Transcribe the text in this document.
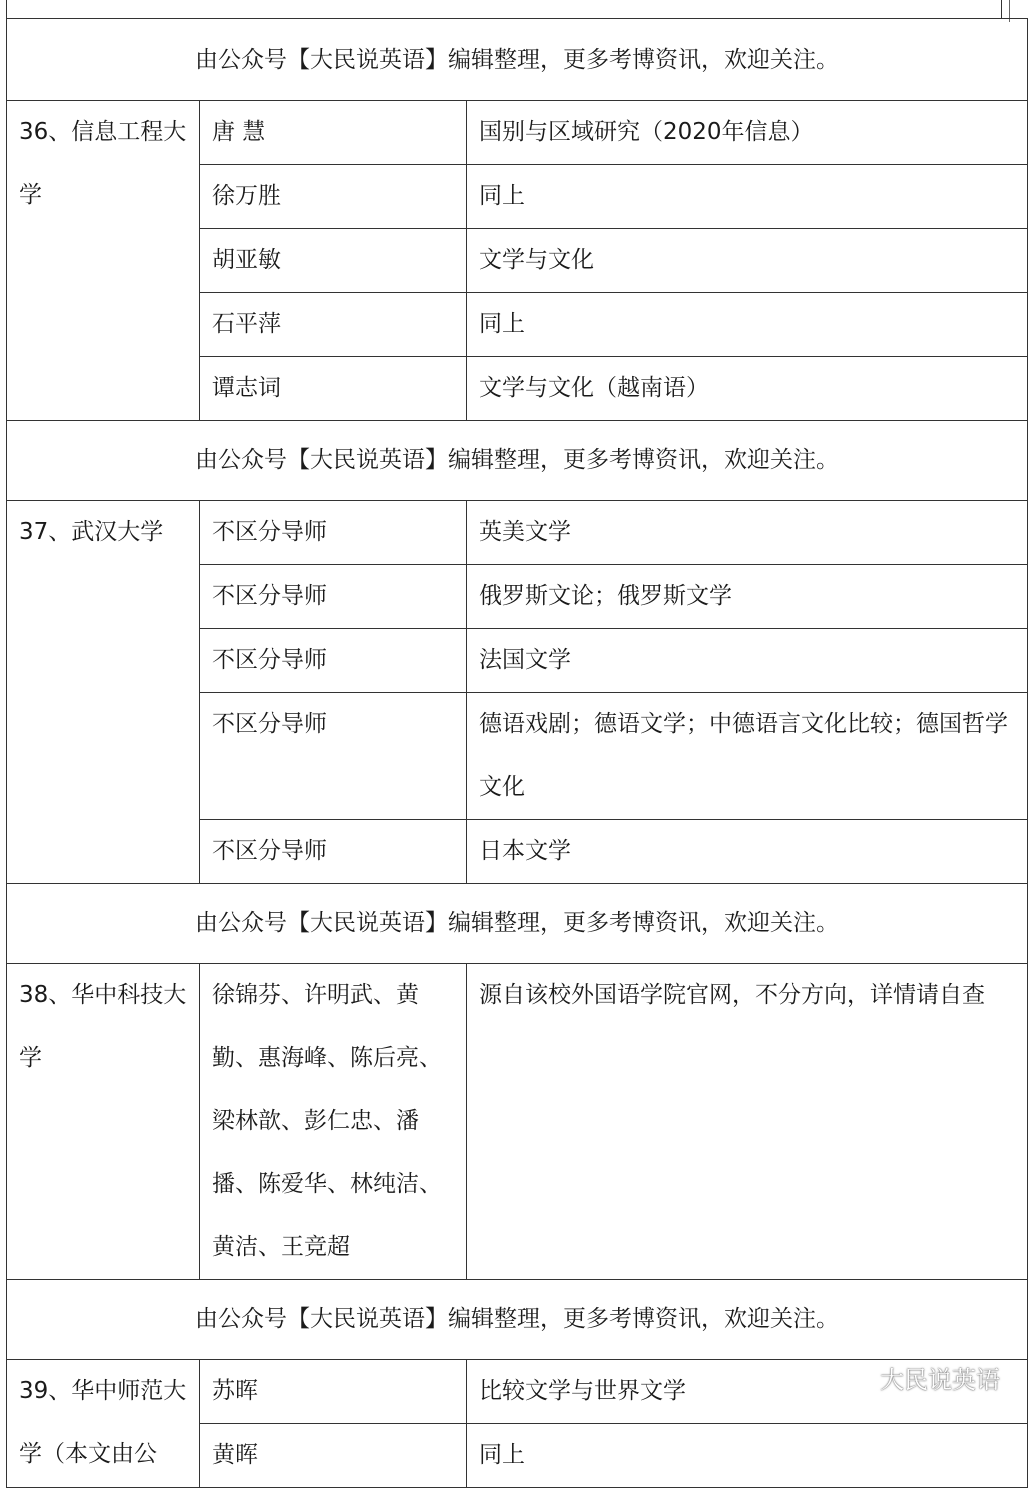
由公众号【大民说英语】编辑整理，更多考博资讯，欢迎关注。		
36、信息工程大学	唐 慧	国别与区域研究（2020年信息）
	徐万胜	同上
	胡亚敏	文学与文化
	石平萍	同上
	谭志词	文学与文化（越南语）
由公众号【大民说英语】编辑整理，更多考博资讯，欢迎关注。		
37、武汉大学	不区分导师	英美文学
	不区分导师	俄罗斯文论；俄罗斯文学
	不区分导师	法国文学
	不区分导师	德语戏剧；德语文学；中德语言文化比较；德国哲学文化
	不区分导师	日本文学
由公众号【大民说英语】编辑整理，更多考博资讯，欢迎关注。		
38、华中科技大学	徐锦芬、许明武、黄勤、惠海峰、陈后亮、梁林歆、彭仁忠、潘播、陈爱华、林纯洁、黄洁、王竞超	源自该校外国语学院官网，不分方向，详情请自查
由公众号【大民说英语】编辑整理，更多考博资讯，欢迎关注。		
39、华中师范大学（本文由公	苏晖	比较文学与世界文学
	黄晖	同上
大民说英语
